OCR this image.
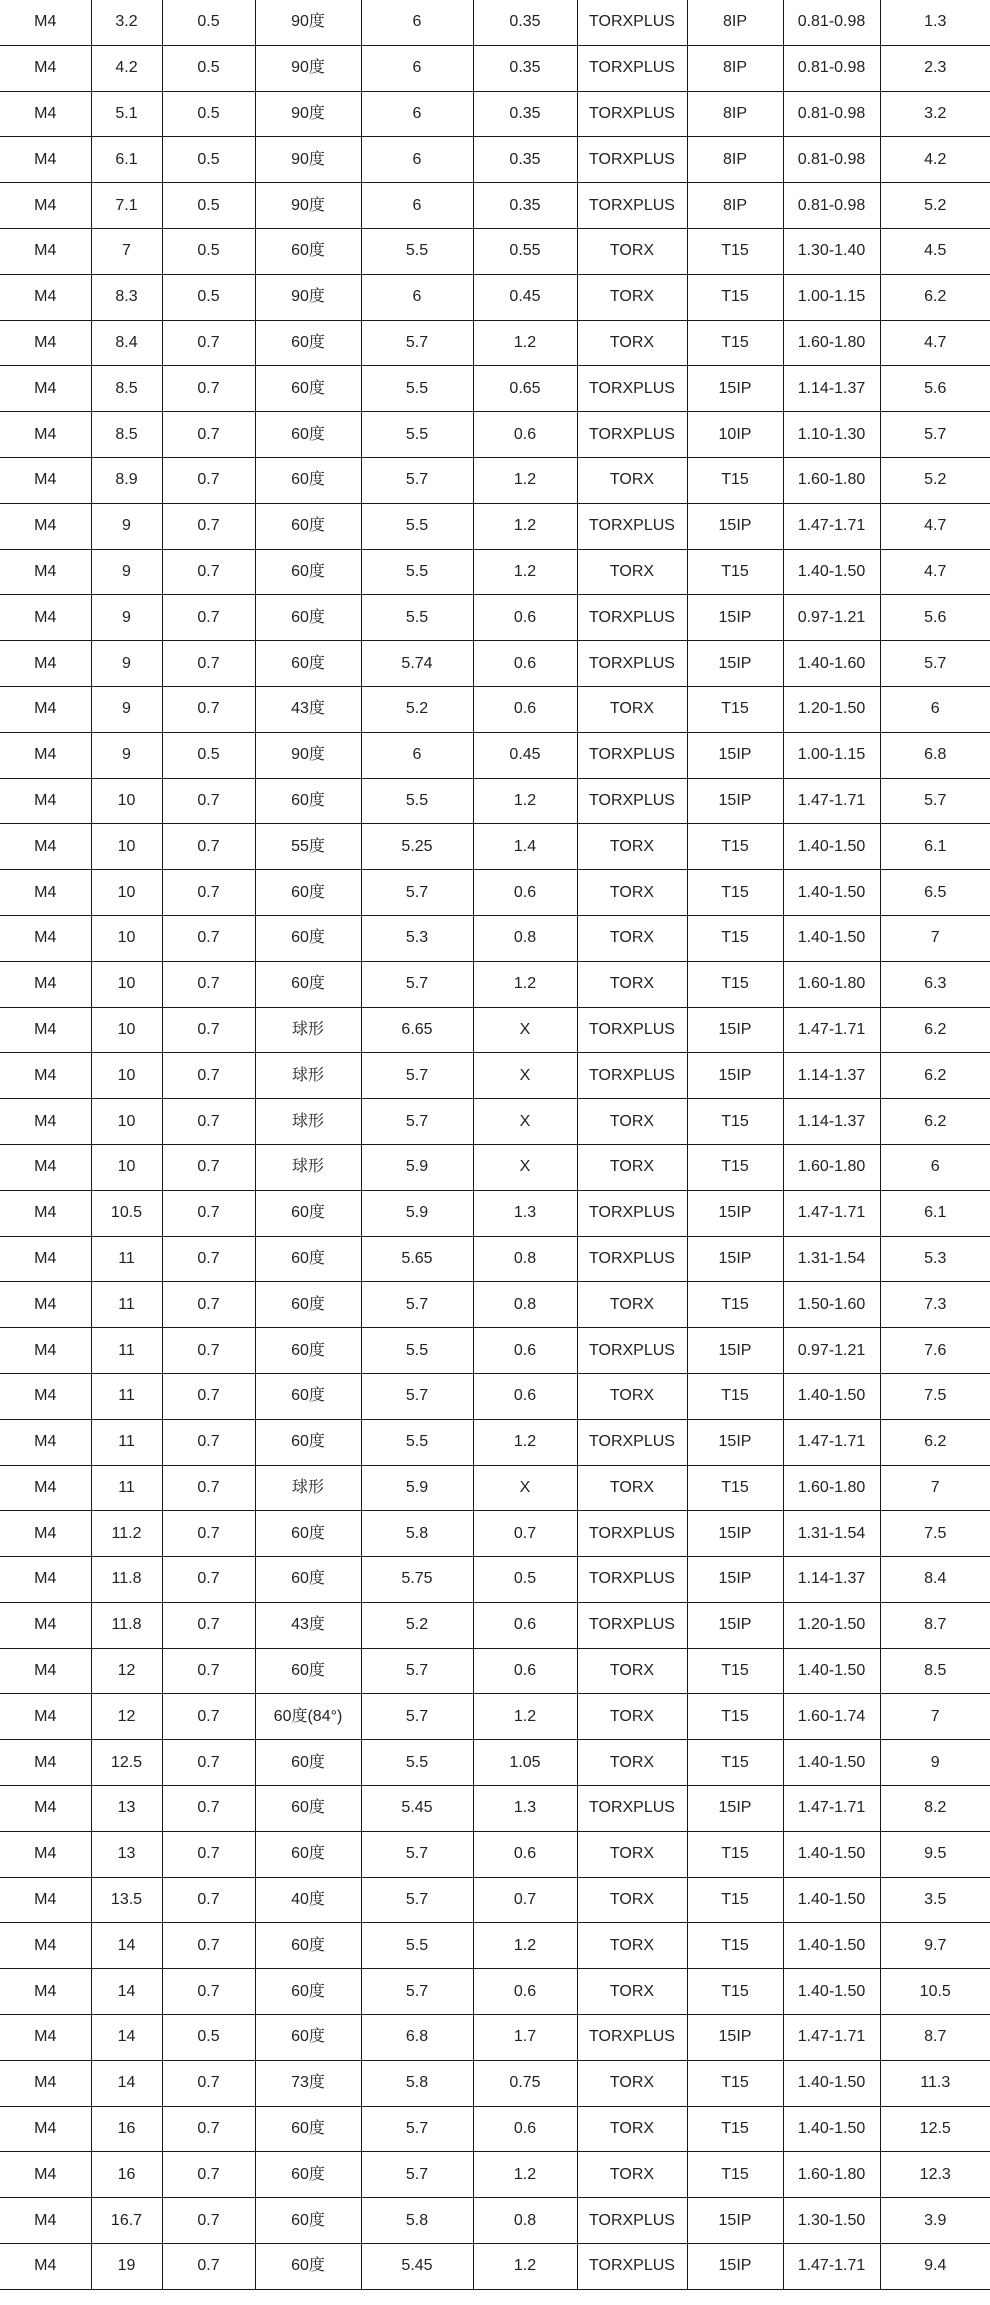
M4	3.2	0.5	90度	6	0.35	TORXPLUS	8IP	0.81-0.98	1.3
M4	4.2	0.5	90度	6	0.35	TORXPLUS	8IP	0.81-0.98	2.3
M4	5.1	0.5	90度	6	0.35	TORXPLUS	8IP	0.81-0.98	3.2
M4	6.1	0.5	90度	6	0.35	TORXPLUS	8IP	0.81-0.98	4.2
M4	7.1	0.5	90度	6	0.35	TORXPLUS	8IP	0.81-0.98	5.2
M4	7	0.5	60度	5.5	0.55	TORX	T15	1.30-1.40	4.5
M4	8.3	0.5	90度	6	0.45	TORX	T15	1.00-1.15	6.2
M4	8.4	0.7	60度	5.7	1.2	TORX	T15	1.60-1.80	4.7
M4	8.5	0.7	60度	5.5	0.65	TORXPLUS	15IP	1.14-1.37	5.6
M4	8.5	0.7	60度	5.5	0.6	TORXPLUS	10IP	1.10-1.30	5.7
M4	8.9	0.7	60度	5.7	1.2	TORX	T15	1.60-1.80	5.2
M4	9	0.7	60度	5.5	1.2	TORXPLUS	15IP	1.47-1.71	4.7
M4	9	0.7	60度	5.5	1.2	TORX	T15	1.40-1.50	4.7
M4	9	0.7	60度	5.5	0.6	TORXPLUS	15IP	0.97-1.21	5.6
M4	9	0.7	60度	5.74	0.6	TORXPLUS	15IP	1.40-1.60	5.7
M4	9	0.7	43度	5.2	0.6	TORX	T15	1.20-1.50	6
M4	9	0.5	90度	6	0.45	TORXPLUS	15IP	1.00-1.15	6.8
M4	10	0.7	60度	5.5	1.2	TORXPLUS	15IP	1.47-1.71	5.7
M4	10	0.7	55度	5.25	1.4	TORX	T15	1.40-1.50	6.1
M4	10	0.7	60度	5.7	0.6	TORX	T15	1.40-1.50	6.5
M4	10	0.7	60度	5.3	0.8	TORX	T15	1.40-1.50	7
M4	10	0.7	60度	5.7	1.2	TORX	T15	1.60-1.80	6.3
M4	10	0.7	球形	6.65	X	TORXPLUS	15IP	1.47-1.71	6.2
M4	10	0.7	球形	5.7	X	TORXPLUS	15IP	1.14-1.37	6.2
M4	10	0.7	球形	5.7	X	TORX	T15	1.14-1.37	6.2
M4	10	0.7	球形	5.9	X	TORX	T15	1.60-1.80	6
M4	10.5	0.7	60度	5.9	1.3	TORXPLUS	15IP	1.47-1.71	6.1
M4	11	0.7	60度	5.65	0.8	TORXPLUS	15IP	1.31-1.54	5.3
M4	11	0.7	60度	5.7	0.8	TORX	T15	1.50-1.60	7.3
M4	11	0.7	60度	5.5	0.6	TORXPLUS	15IP	0.97-1.21	7.6
M4	11	0.7	60度	5.7	0.6	TORX	T15	1.40-1.50	7.5
M4	11	0.7	60度	5.5	1.2	TORXPLUS	15IP	1.47-1.71	6.2
M4	11	0.7	球形	5.9	X	TORX	T15	1.60-1.80	7
M4	11.2	0.7	60度	5.8	0.7	TORXPLUS	15IP	1.31-1.54	7.5
M4	11.8	0.7	60度	5.75	0.5	TORXPLUS	15IP	1.14-1.37	8.4
M4	11.8	0.7	43度	5.2	0.6	TORXPLUS	15IP	1.20-1.50	8.7
M4	12	0.7	60度	5.7	0.6	TORX	T15	1.40-1.50	8.5
M4	12	0.7	60度(84°)	5.7	1.2	TORX	T15	1.60-1.74	7
M4	12.5	0.7	60度	5.5	1.05	TORX	T15	1.40-1.50	9
M4	13	0.7	60度	5.45	1.3	TORXPLUS	15IP	1.47-1.71	8.2
M4	13	0.7	60度	5.7	0.6	TORX	T15	1.40-1.50	9.5
M4	13.5	0.7	40度	5.7	0.7	TORX	T15	1.40-1.50	3.5
M4	14	0.7	60度	5.5	1.2	TORX	T15	1.40-1.50	9.7
M4	14	0.7	60度	5.7	0.6	TORX	T15	1.40-1.50	10.5
M4	14	0.5	60度	6.8	1.7	TORXPLUS	15IP	1.47-1.71	8.7
M4	14	0.7	73度	5.8	0.75	TORX	T15	1.40-1.50	11.3
M4	16	0.7	60度	5.7	0.6	TORX	T15	1.40-1.50	12.5
M4	16	0.7	60度	5.7	1.2	TORX	T15	1.60-1.80	12.3
M4	16.7	0.7	60度	5.8	0.8	TORXPLUS	15IP	1.30-1.50	3.9
M4	19	0.7	60度	5.45	1.2	TORXPLUS	15IP	1.47-1.71	9.4
